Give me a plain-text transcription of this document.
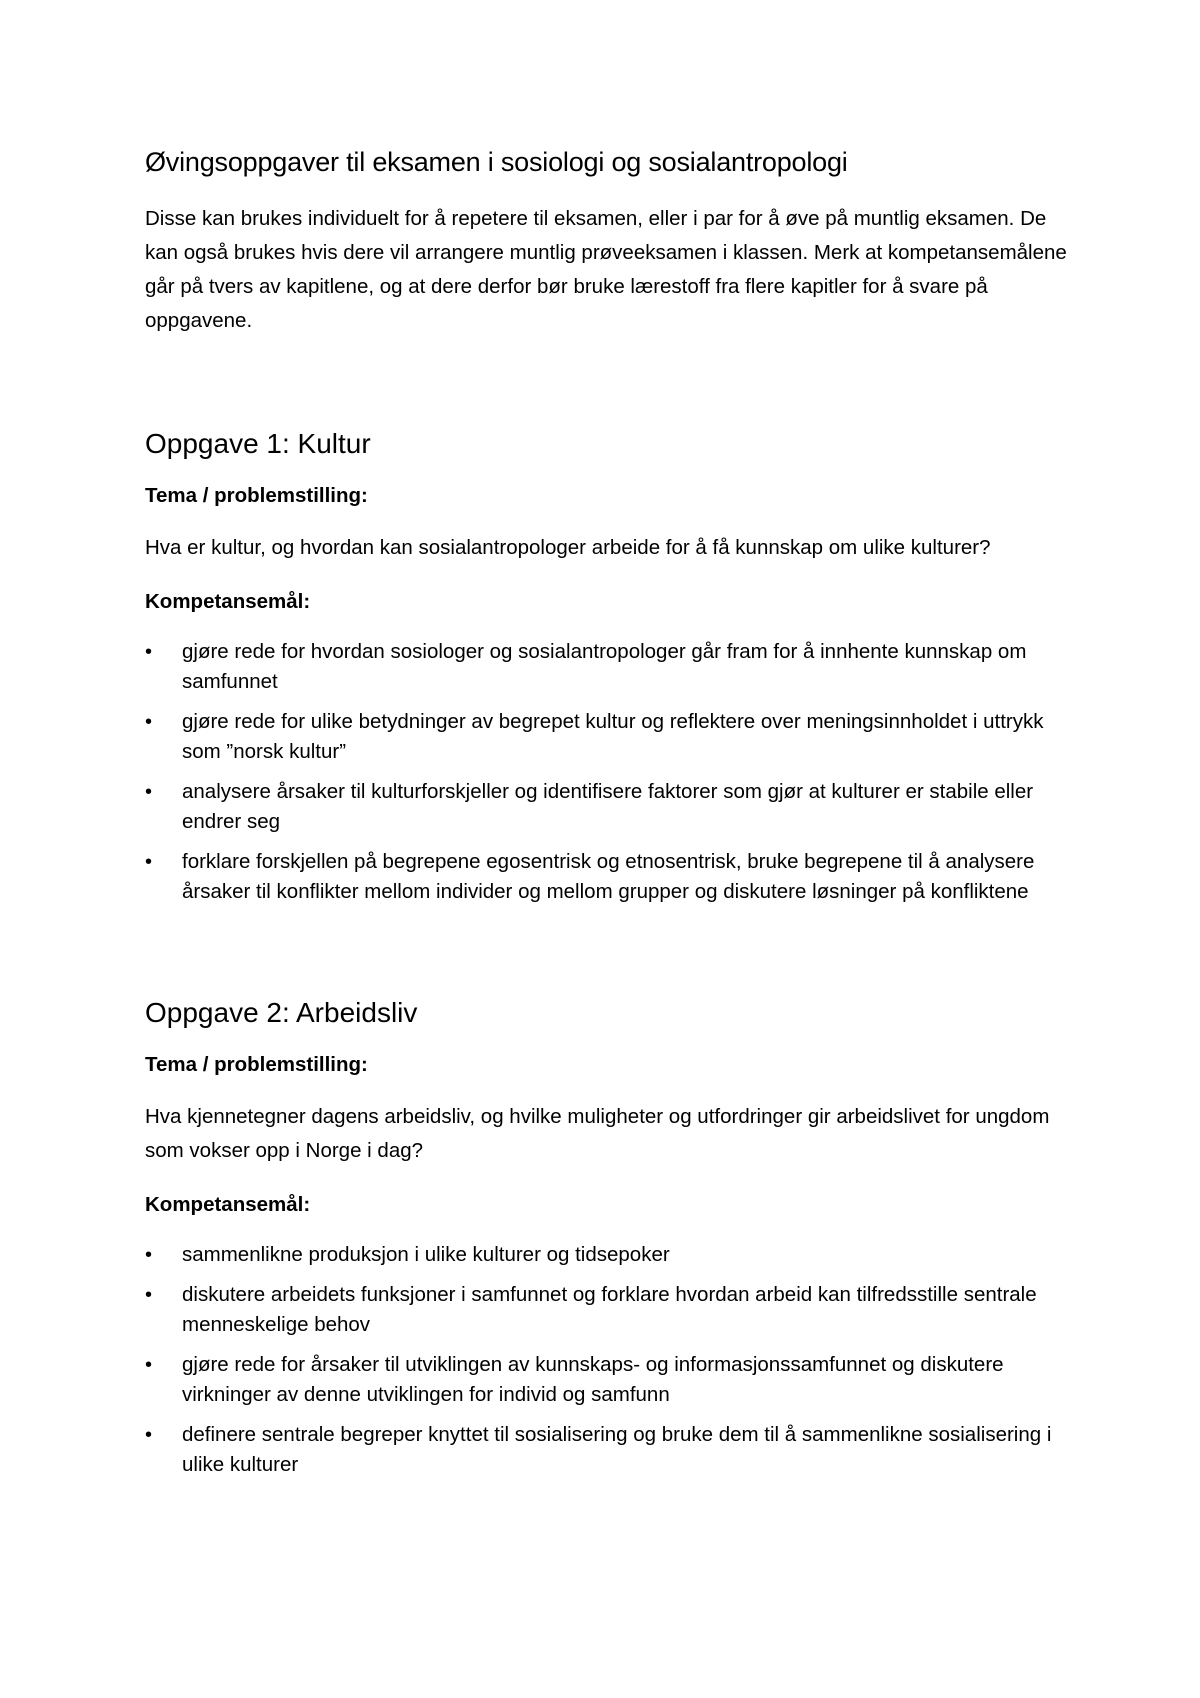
Øvingsoppgaver til eksamen i sosiologi og sosialantropologi

Disse kan brukes individuelt for å repetere til eksamen, eller i par for å øve på muntlig eksamen. De kan også brukes hvis dere vil arrangere muntlig prøveeksamen i klassen. Merk at kompetansemålene går på tvers av kapitlene, og at dere derfor bør bruke lærestoff fra flere kapitler for å svare på oppgavene.

Oppgave 1: Kultur

Tema / problemstilling:

Hva er kultur, og hvordan kan sosialantropologer arbeide for å få kunnskap om ulike kulturer?

Kompetansemål:

•	gjøre rede for hvordan sosiologer og sosialantropologer går fram for å innhente kunnskap om samfunnet
•	gjøre rede for ulike betydninger av begrepet kultur og reflektere over meningsinnholdet i uttrykk som ”norsk kultur”
•	analysere årsaker til kulturforskjeller og identifisere faktorer som gjør at kulturer er stabile eller endrer seg
•	forklare forskjellen på begrepene egosentrisk og etnosentrisk, bruke begrepene til å analysere årsaker til konflikter mellom individer og mellom grupper og diskutere løsninger på konfliktene
Oppgave 2: Arbeidsliv

Tema / problemstilling:

Hva kjennetegner dagens arbeidsliv, og hvilke muligheter og utfordringer gir arbeidslivet for ungdom som vokser opp i Norge i dag?

Kompetansemål:

•	sammenlikne produksjon i ulike kulturer og tidsepoker
•	diskutere arbeidets funksjoner i samfunnet og forklare hvordan arbeid kan tilfredsstille sentrale menneskelige behov
•	gjøre rede for årsaker til utviklingen av kunnskaps- og informasjonssamfunnet og diskutere virkninger av denne utviklingen for individ og samfunn
•	definere sentrale begreper knyttet til sosialisering og bruke dem til å sammenlikne sosialisering i ulike kulturer
